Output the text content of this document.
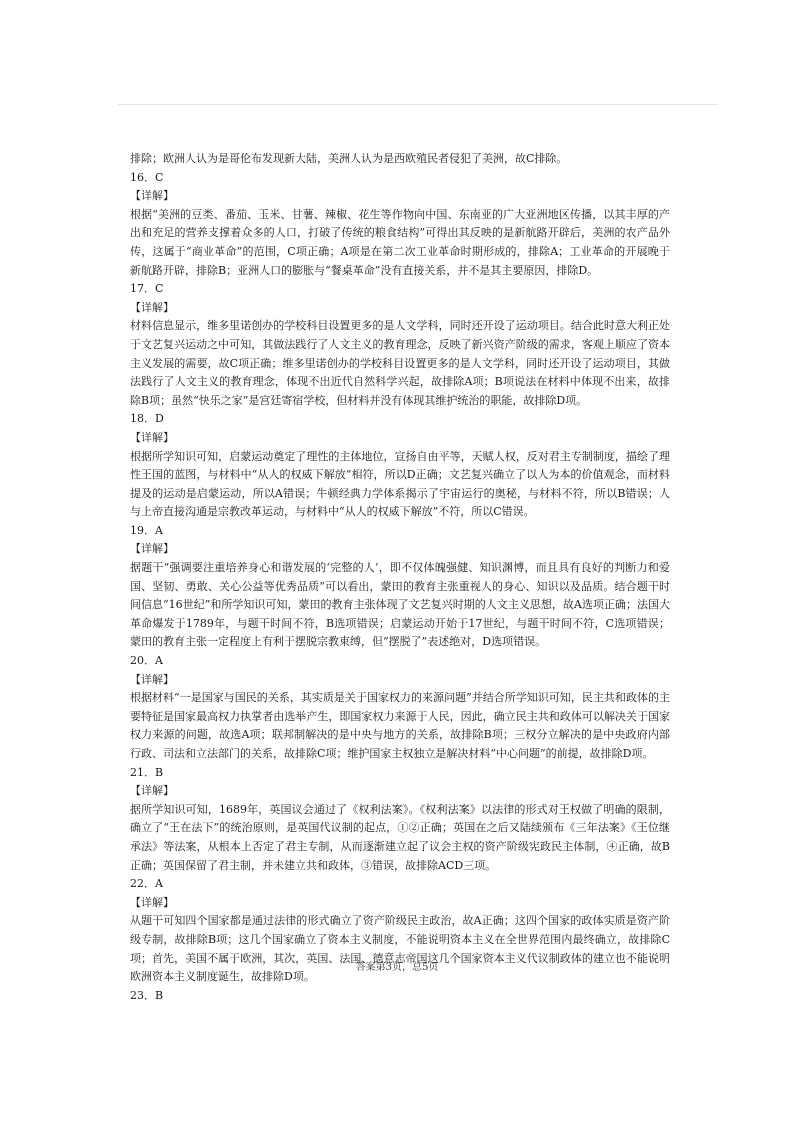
排除；欧洲人认为是哥伦布发现新大陆，美洲人认为是西欧殖民者侵犯了美洲，故C排除。

16．C
【详解】

根据“美洲的豆类、番茄、玉米、甘薯、辣椒、花生等作物向中国、东南亚的广大亚洲地区传播，以其丰厚的产出和充足的营养支撑着众多的人口，打破了传统的粮食结构”可得出其反映的是新航路开辟后，美洲的农产品外传，这属于“商业革命”的范围，C项正确；A项是在第二次工业革命时期形成的，排除A；工业革命的开展晚于新航路开辟，排除B；亚洲人口的膨胀与“餐桌革命”没有直接关系，并不是其主要原因，排除D。

17．C
【详解】

材料信息显示，维多里诺创办的学校科目设置更多的是人文学科，同时还开设了运动项目。结合此时意大利正处于文艺复兴运动之中可知，其做法践行了人文主义的教育理念，反映了新兴资产阶级的需求，客观上顺应了资本主义发展的需要，故C项正确；维多里诺创办的学校科目设置更多的是人文学科，同时还开设了运动项目，其做法践行了人文主义的教育理念，体现不出近代自然科学兴起，故排除A项；B项说法在材料中体现不出来，故排除B项；虽然“快乐之家”是宫廷寄宿学校，但材料并没有体现其维护统治的职能，故排除D项。

18．D
【详解】

根据所学知识可知，启蒙运动奠定了理性的主体地位，宣扬自由平等，天赋人权，反对君主专制制度，描绘了理性王国的蓝图，与材料中“从人的权威下解放”相符，所以D正确；文艺复兴确立了以人为本的价值观念，而材料提及的运动是启蒙运动，所以A错误；牛顿经典力学体系揭示了宇宙运行的奥秘，与材料不符，所以B错误；人与上帝直接沟通是宗教改革运动，与材料中“从人的权威下解放”不符，所以C错误。

19．A
【详解】

据题干“强调要注重培养身心和谐发展的‘完整的人’，即不仅体魄强健、知识渊博，而且具有良好的判断力和爱国、坚韧、勇敢、关心公益等优秀品质”可以看出，蒙田的教育主张重视人的身心、知识以及品质。结合题干时间信息“16世纪”和所学知识可知，蒙田的教育主张体现了文艺复兴时期的人文主义思想，故A选项正确；法国大革命爆发于1789年，与题干时间不符，B选项错误；启蒙运动开始于17世纪，与题干时间不符，C选项错误；蒙田的教育主张一定程度上有利于摆脱宗教束缚，但“摆脱了”表述绝对，D选项错误。

20．A
【详解】

根据材料“一是国家与国民的关系，其实质是关于国家权力的来源问题”并结合所学知识可知，民主共和政体的主要特征是国家最高权力执掌者由选举产生，即国家权力来源于人民，因此，确立民主共和政体可以解决关于国家权力来源的问题，故选A项；联邦制解决的是中央与地方的关系，故排除B项；三权分立解决的是中央政府内部行政、司法和立法部门的关系，故排除C项；维护国家主权独立是解决材料“中心问题”的前提，故排除D项。

21．B
【详解】

据所学知识可知，1689年，英国议会通过了《权利法案》。《权利法案》以法律的形式对王权做了明确的限制，确立了“王在法下”的统治原则，是英国代议制的起点，①②正确；英国在之后又陆续颁布《三年法案》《王位继承法》等法案，从根本上否定了君主专制，从而逐渐建立起了议会主权的资产阶级宪政民主体制，④正确，故B正确；英国保留了君主制，并未建立共和政体，③错误，故排除ACD三项。

22．A
【详解】

从题干可知四个国家都是通过法律的形式确立了资产阶级民主政治，故A正确；这四个国家的政体实质是资产阶级专制，故排除B项；这几个国家确立了资本主义制度，不能说明资本主义在全世界范围内最终确立，故排除C项；首先，美国不属于欧洲，其次，英国、法国、德意志帝国这几个国家资本主义代议制政体的建立也不能说明欧洲资本主义制度诞生，故排除D项。

23．B
答案第3页，总5页
